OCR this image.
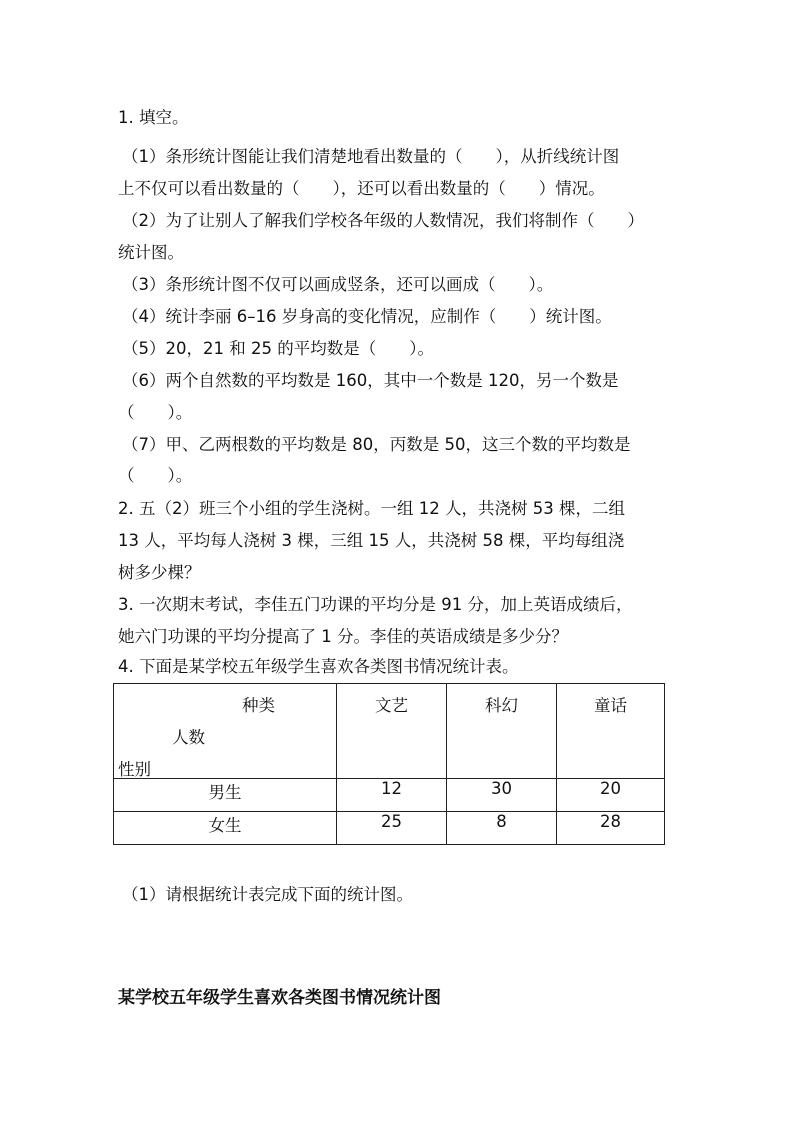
1. 填空。
（1）条形统计图能让我们清楚地看出数量的（　　），从折线统计图
上不仅可以看出数量的（　　），还可以看出数量的（　　）情况。
（2）为了让别人了解我们学校各年级的人数情况，我们将制作（　　）
统计图。
（3）条形统计图不仅可以画成竖条，还可以画成（　　）。
（4）统计李丽 6–16 岁身高的变化情况，应制作（　　）统计图。
（5）20，21 和 25 的平均数是（　　）。
（6）两个自然数的平均数是 160，其中一个数是 120，另一个数是
（　　）。
（7）甲、乙两根数的平均数是 80，丙数是 50，这三个数的平均数是
（　　）。
2. 五（2）班三个小组的学生浇树。一组 12 人，共浇树 53 棵，二组
13 人，平均每人浇树 3 棵，三组 15 人，共浇树 58 棵，平均每组浇
树多少棵？
3. 一次期末考试，李佳五门功课的平均分是 91 分，加上英语成绩后，
她六门功课的平均分提高了 1 分。李佳的英语成绩是多少分？
4. 下面是某学校五年级学生喜欢各类图书情况统计表。
种类
人数
性别	文艺	科幻	童话
男生	12	30	20
女生	25	8	28
（1）请根据统计表完成下面的统计图。
某学校五年级学生喜欢各类图书情况统计图
